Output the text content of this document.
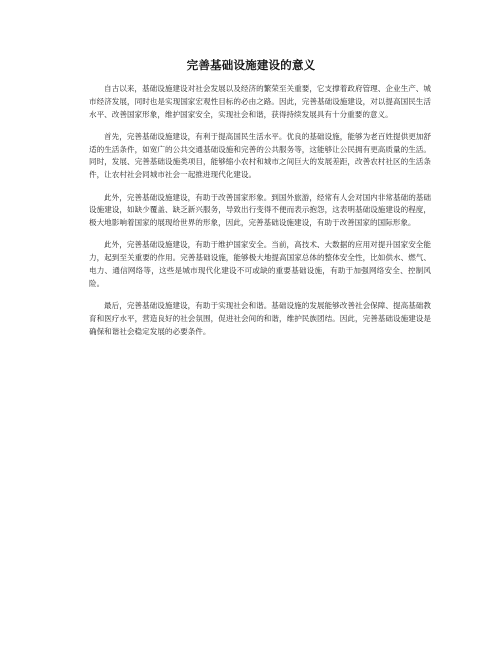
完善基础设施建设的意义

自古以来，基础设施建设对社会发展以及经济的繁荣至关重要，它支撑着政府管理、企业生产、城市经济发展，同时也是实现国家宏观性目标的必由之路。因此，完善基础设施建设，对以提高国民生活水平、改善国家形象，维护国家安全，实现社会和谐，获得持续发展具有十分重要的意义。

首先，完善基础设施建设，有利于提高国民生活水平。优良的基础设施，能够为老百姓提供更加舒适的生活条件，如宽广的公共交通基础设施和完善的公共服务等，这能够让公民拥有更高质量的生活。同时，发展、完善基础设施类项目，能够缩小农村和城市之间巨大的发展差距，改善农村社区的生活条件，让农村社会同城市社会一起推进现代化建设。

此外，完善基础设施建设，有助于改善国家形象。到国外旅游，经常有人会对国内非常基础的基础设施建设，如缺少覆盖、缺乏新兴服务，导致出行变得不便而表示抱怨，这表明基础设施建设的程度，极大地影响着国家的展现给世界的形象，因此，完善基础设施建设，有助于改善国家的国际形象。

此外，完善基础设施建设，有助于维护国家安全。当前，高技术、大数据的应用对提升国家安全能力，起到至关重要的作用。完善基础设施，能够极大地提高国家总体的整体安全性，比如供水、燃气、电力、通信网络等，这些是城市现代化建设不可或缺的重要基础设施，有助于加强网络安全、控制风险。

最后，完善基础设施建设，有助于实现社会和谐。基础设施的发展能够改善社会保障、提高基础教育和医疗水平，营造良好的社会氛围，促进社会间的和谐，维护民族团结。因此，完善基础设施建设是确保和谐社会稳定发展的必要条件。
